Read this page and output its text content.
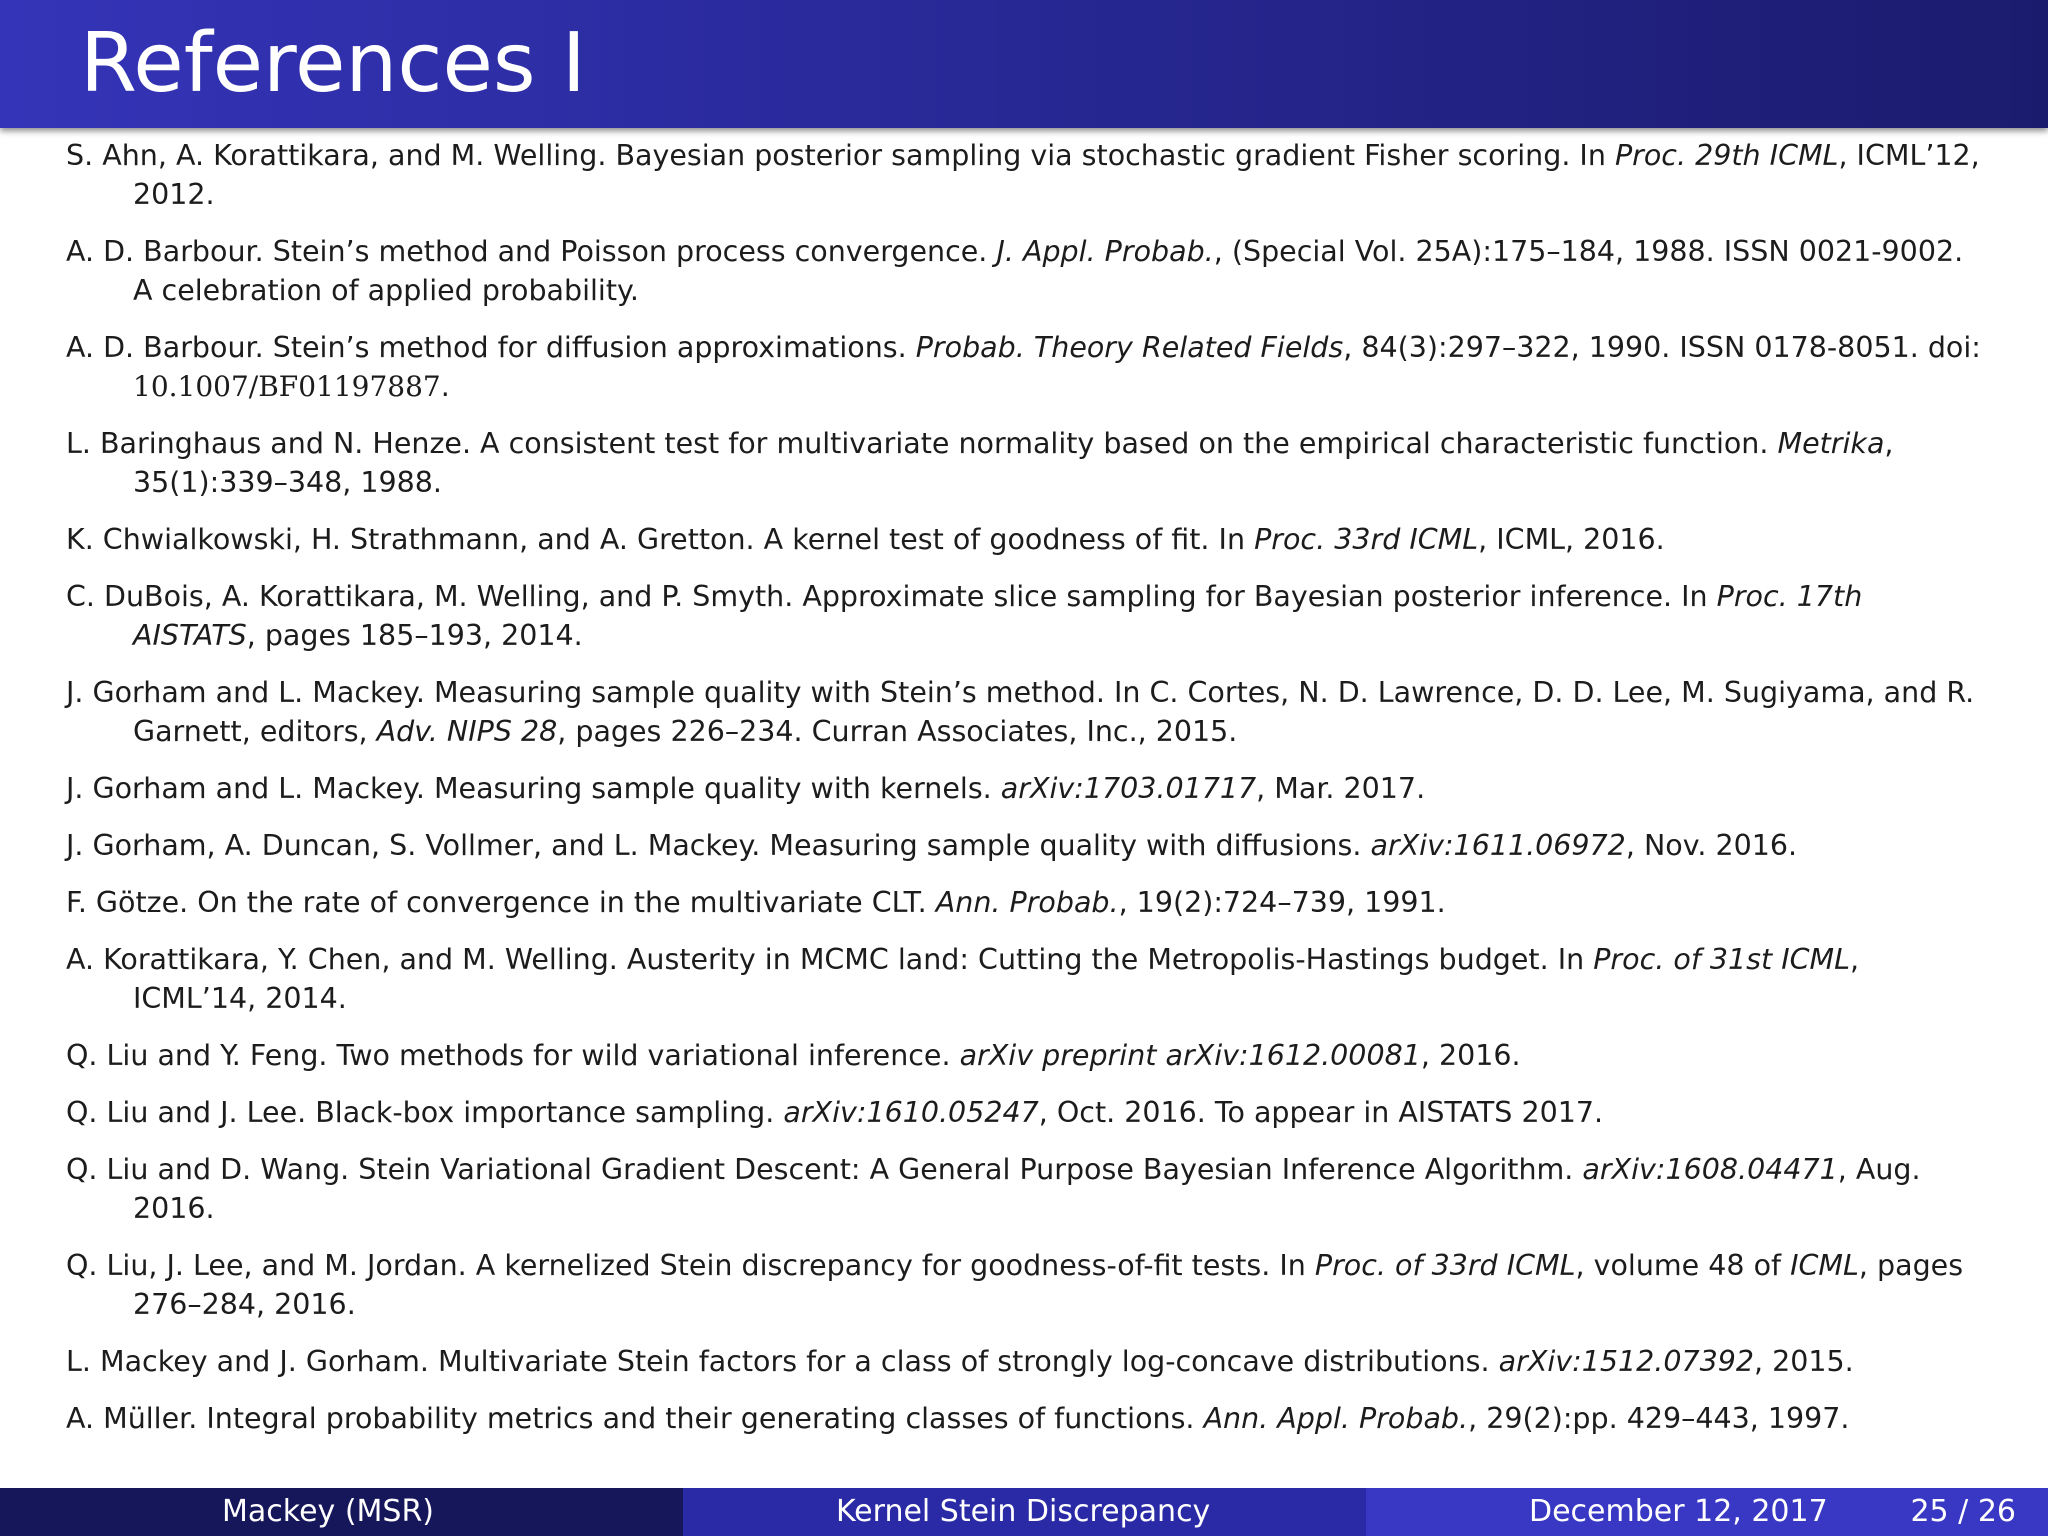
References I

S. Ahn, A. Korattikara, and M. Welling. Bayesian posterior sampling via stochastic gradient Fisher scoring. In Proc. 29th ICML, ICML’12, 2012.

A. D. Barbour. Stein’s method and Poisson process convergence. J. Appl. Probab., (Special Vol. 25A):175–184, 1988. ISSN 0021-9002. A celebration of applied probability.

A. D. Barbour. Stein’s method for diffusion approximations. Probab. Theory Related Fields, 84(3):297–322, 1990. ISSN 0178-8051. doi: 10.1007/BF01197887.

L. Baringhaus and N. Henze. A consistent test for multivariate normality based on the empirical characteristic function. Metrika, 35(1):339–348, 1988.

K. Chwialkowski, H. Strathmann, and A. Gretton. A kernel test of goodness of fit. In Proc. 33rd ICML, ICML, 2016.

C. DuBois, A. Korattikara, M. Welling, and P. Smyth. Approximate slice sampling for Bayesian posterior inference. In Proc. 17th AISTATS, pages 185–193, 2014.

J. Gorham and L. Mackey. Measuring sample quality with Stein’s method. In C. Cortes, N. D. Lawrence, D. D. Lee, M. Sugiyama, and R. Garnett, editors, Adv. NIPS 28, pages 226–234. Curran Associates, Inc., 2015.

J. Gorham and L. Mackey. Measuring sample quality with kernels. arXiv:1703.01717, Mar. 2017.

J. Gorham, A. Duncan, S. Vollmer, and L. Mackey. Measuring sample quality with diffusions. arXiv:1611.06972, Nov. 2016.

F. Götze. On the rate of convergence in the multivariate CLT. Ann. Probab., 19(2):724–739, 1991.

A. Korattikara, Y. Chen, and M. Welling. Austerity in MCMC land: Cutting the Metropolis-Hastings budget. In Proc. of 31st ICML, ICML’14, 2014.

Q. Liu and Y. Feng. Two methods for wild variational inference. arXiv preprint arXiv:1612.00081, 2016.

Q. Liu and J. Lee. Black-box importance sampling. arXiv:1610.05247, Oct. 2016. To appear in AISTATS 2017.

Q. Liu and D. Wang. Stein Variational Gradient Descent: A General Purpose Bayesian Inference Algorithm. arXiv:1608.04471, Aug. 2016.

Q. Liu, J. Lee, and M. Jordan. A kernelized Stein discrepancy for goodness-of-fit tests. In Proc. of 33rd ICML, volume 48 of ICML, pages 276–284, 2016.

L. Mackey and J. Gorham. Multivariate Stein factors for a class of strongly log-concave distributions. arXiv:1512.07392, 2015.

A. Müller. Integral probability metrics and their generating classes of functions. Ann. Appl. Probab., 29(2):pp. 429–443, 1997.

Mackey (MSR)	Kernel Stein Discrepancy	December 12, 2017	25 / 26
